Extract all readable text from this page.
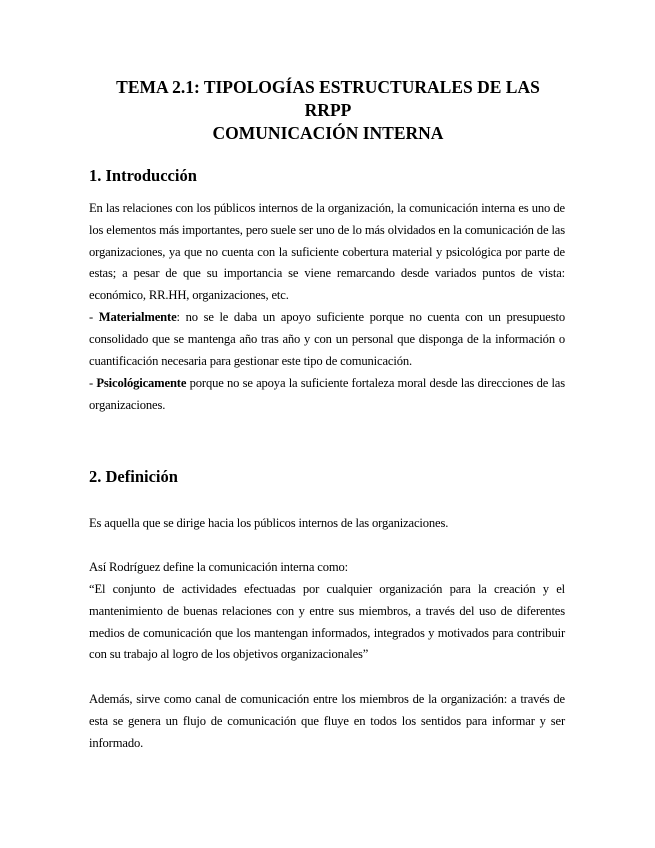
TEMA 2.1: TIPOLOGÍAS ESTRUCTURALES DE LAS
RRPP
COMUNICACIÓN INTERNA
1. Introducción

En las relaciones con los públicos internos de la organización, la comunicación interna es uno de los elementos más importantes, pero suele ser uno de lo más olvidados en la comunicación de las organizaciones, ya que no cuenta con la suficiente cobertura material y psicológica por parte de estas; a pesar de que su importancia se viene remarcando desde variados puntos de vista: económico, RR.HH, organizaciones, etc.

- Materialmente: no se le daba un apoyo suficiente porque no cuenta con un presupuesto consolidado que se mantenga año tras año y con un personal que disponga de la información o cuantificación necesaria para gestionar este tipo de comunicación.

- Psicológicamente porque no se apoya la suficiente fortaleza moral desde las direcciones de las organizaciones.

2. Definición

Es aquella que se dirige hacia los públicos internos de las organizaciones.

Así Rodríguez define la comunicación interna como:

“El conjunto de actividades efectuadas por cualquier organización para la creación y el mantenimiento de buenas relaciones con y entre sus miembros, a través del uso de diferentes medios de comunicación que los mantengan informados, integrados y motivados para contribuir con su trabajo al logro de los objetivos organizacionales”

Además, sirve como canal de comunicación entre los miembros de la organización: a través de esta se genera un flujo de comunicación que fluye en todos los sentidos para informar y ser informado.
